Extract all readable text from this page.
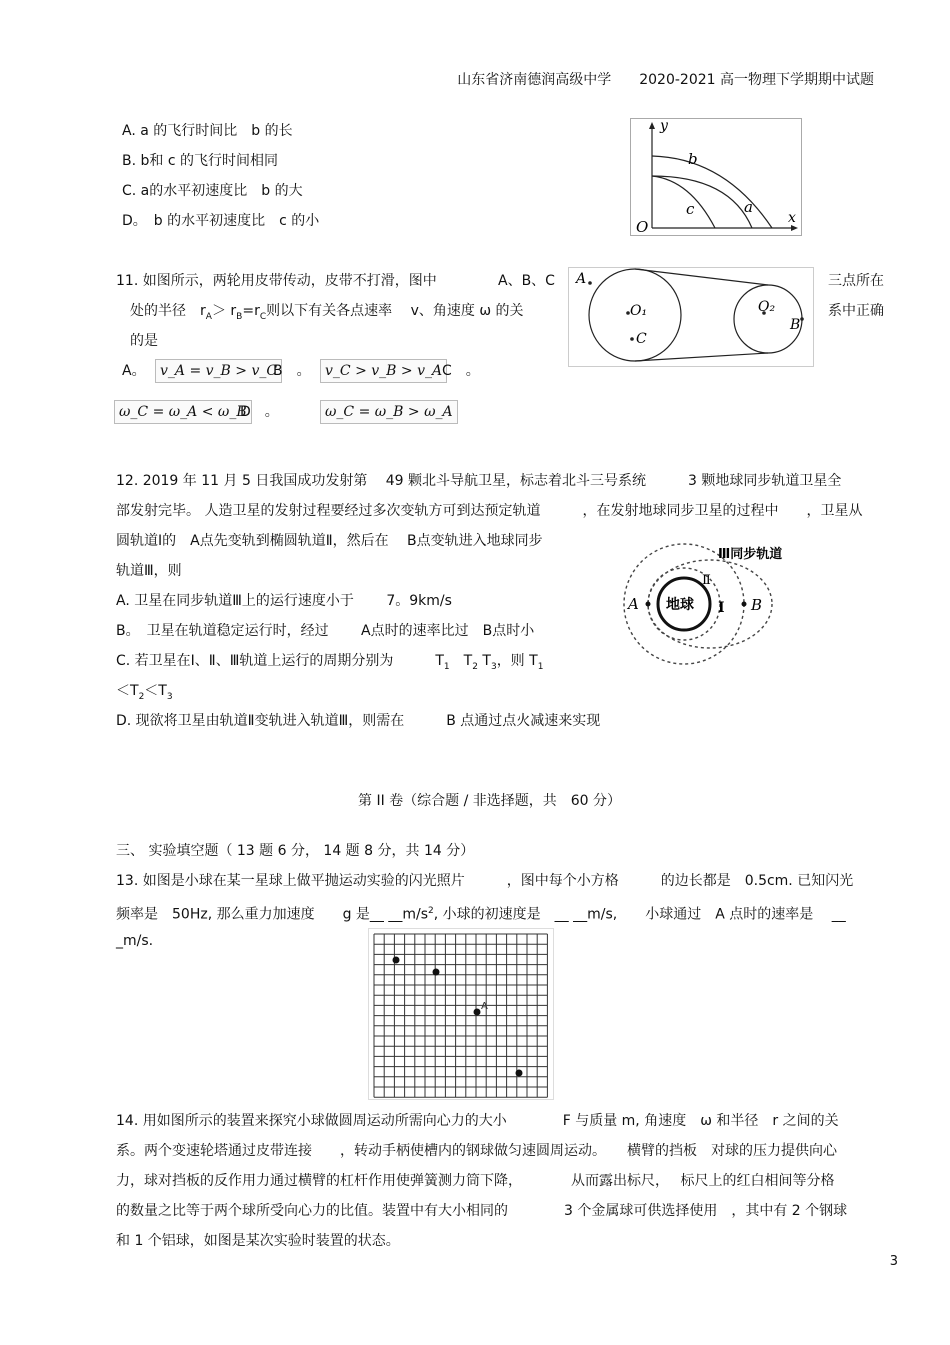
山东省济南德润高级中学　　2020-2021 高一物理下学期期中试题
A. a 的飞行时间比　b 的长
B. b和 c 的飞行时间相同
C. a的水平初速度比　b 的大
D。　b 的水平初速度比　c 的小
y
x
O
b
a
c
11. 如图所示，两轮用皮带传动，皮带不打滑，图中	A、B、C	三点所在
处的半径　$r_A> r_B=r_C$则以下有关各点速率　 v、角速度 ω 的关	系中正确
的是
A
O₁
C
O₂
B
A。	v_A = v_B > v_C
B　。	v_C > v_B > v_A C　。
ω_C = ω_A < ω_B
D　。	ω_C = ω_B > ω_A
12. 2019 年 11 月 5 日我国成功发射第　 49 颗北斗导航卫星，标志着北斗三号系统　　　3 颗地球同步轨道卫星全
部发射完毕。 人造卫星的发射过程要经过多次变轨方可到达预定轨道　　　，在发射地球同步卫星的过程中　　，卫星从
圆轨道Ⅰ的　A点先变轨到椭圆轨道Ⅱ，然后在　 B点变轨进入地球同步
轨道Ⅲ，则
A. 卫星在同步轨道Ⅲ上的运行速度小于　　 7。9km/s
B。　卫星在轨道稳定运行时，经过　　 A点时的速率比过　B点时小
C. 若卫星在Ⅰ、Ⅱ、Ⅲ轨道上运行的周期分别为　　　$T_1$　$T_2$ $T_3$，则 $T_1$
$<T_2<T_3$
D. 现欲将卫星由轨道Ⅱ变轨进入轨道Ⅲ，则需在　　　B 点通过点火减速来实现
地球
A	B
Ⅰ
Ⅱ
Ⅲ同步轨道
第 II 卷（综合题 / 非选择题，共　60 分）
三、 实验填空题（ 13 题 6 分， 14 题 8 分，共 14 分）
13. 如图是小球在某一星球上做平抛运动实验的闪光照片　　　，图中每个小方格　　　的边长都是　0.5cm. 已知闪光
频率是　50Hz, 那么重力加速度　　g 是__ $\_\_m/s^2$, 小球的初速度是　__ __m/s,　　小球通过　A 点时的速率是　 __　
_m/s.
A
14. 用如图所示的装置来探究小球做圆周运动所需向心力的大小　　　　F 与质量 m, 角速度　ω 和半径　r 之间的关
系。两个变速轮塔通过皮带连接　　，转动手柄使槽内的钢球做匀速圆周运动。　　横臂的挡板　对球的压力提供向心
力，球对挡板的反作用力通过横臂的杠杆作用使弹簧测力筒下降，　　　　从而露出标尺，　 标尺上的红白相间等分格
的数量之比等于两个球所受向心力的比值。装置中有大小相同的　　　　3 个金属球可供选择使用　，其中有 2 个钢球
和 1 个铝球，如图是某次实验时装置的状态。
3
